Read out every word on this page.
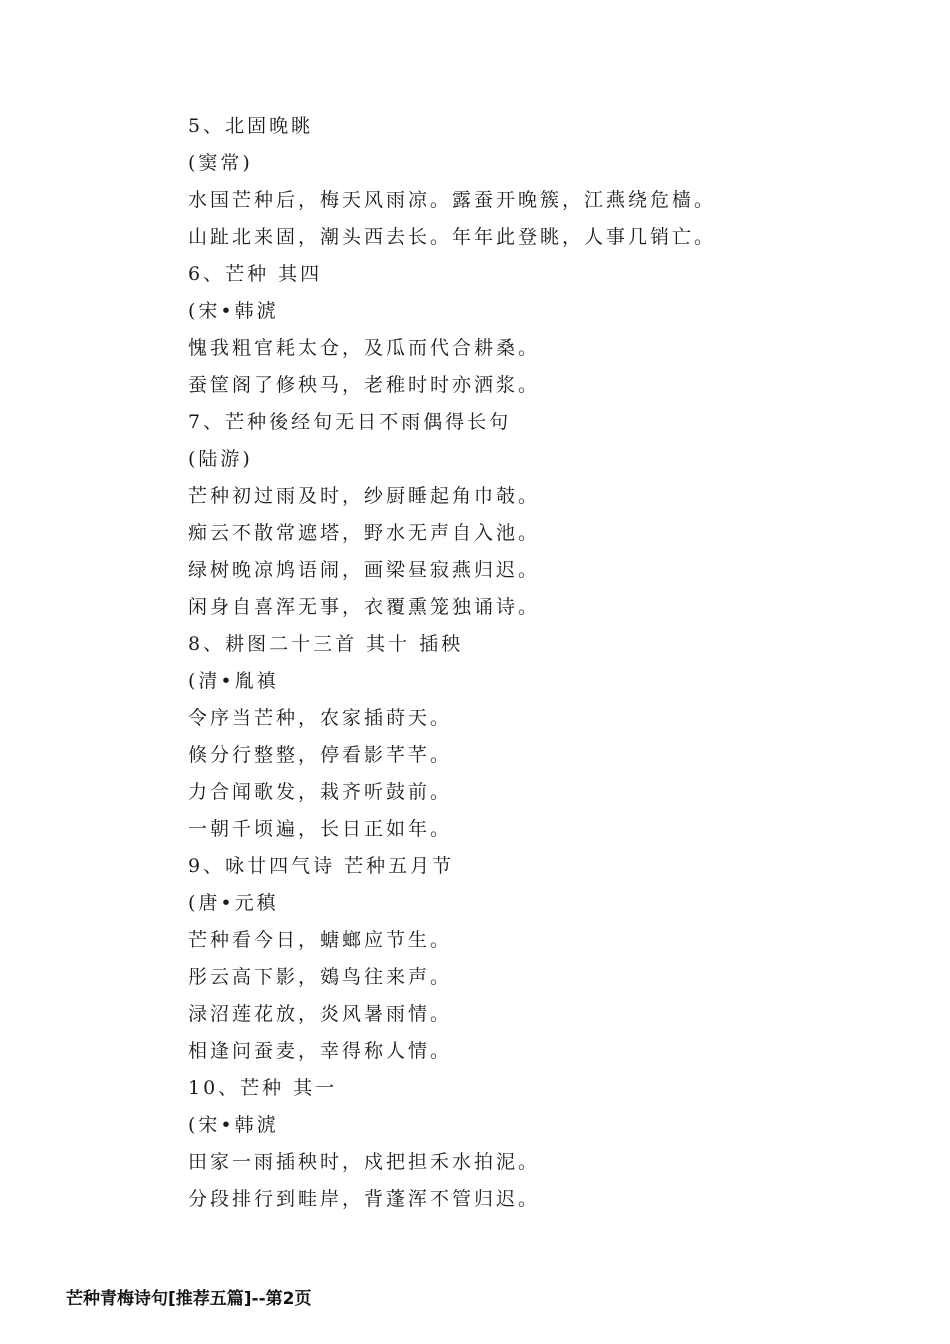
5、北固晚眺
(窦常)
水国芒种后，梅天风雨凉。露蚕开晚簇，江燕绕危樯。
山趾北来固，潮头西去长。年年此登眺，人事几销亡。
6、芒种 其四
(宋•韩淲
愧我粗官耗太仓，及瓜而代合耕桑。
蚕筐阁了修秧马，老稚时时亦洒浆。
7、芒种後经旬无日不雨偶得长句
(陆游)
芒种初过雨及时，纱厨睡起角巾攲。
痴云不散常遮塔，野水无声自入池。
绿树晚凉鸠语闹，画梁昼寂燕归迟。
闲身自喜浑无事，衣覆熏笼独诵诗。
8、耕图二十三首 其十 插秧
(清•胤禛
令序当芒种，农家插莳天。
倏分行整整，停看影芊芊。
力合闻歌发，栽齐听鼓前。
一朝千顷遍，长日正如年。
9、咏廿四气诗 芒种五月节
(唐•元稹
芒种看今日，螗螂应节生。
彤云高下影，鴳鸟往来声。
渌沼莲花放，炎风暑雨情。
相逢问蚕麦，幸得称人情。
10、芒种 其一
(宋•韩淲
田家一雨插秧时，戍把担禾水拍泥。
分段排行到畦岸，背蓬浑不管归迟。
芒种青梅诗句[推荐五篇]--第2页
